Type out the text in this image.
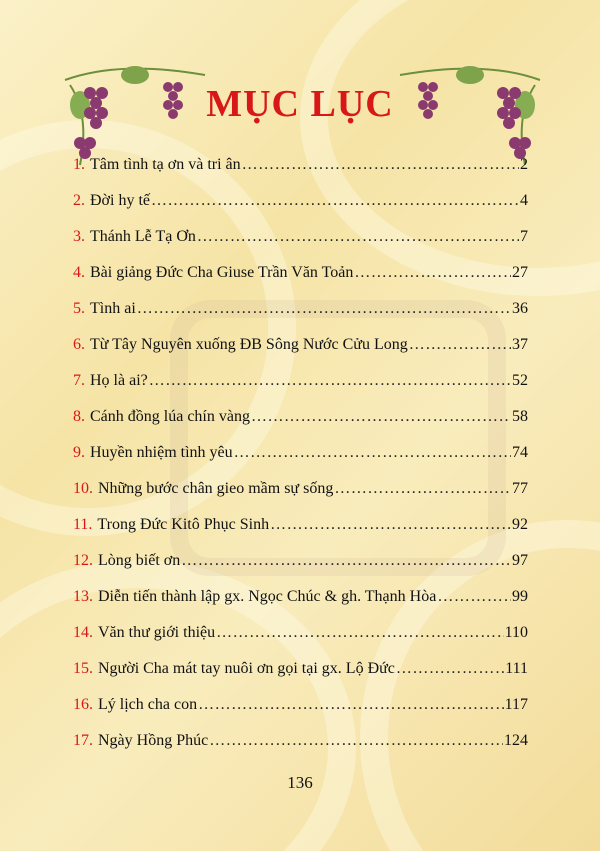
MỤC LỤC
1. Tâm tình tạ ơn và tri ân ……………………………………………………………………………………………………	2
2. Đời hy tế ……………………………………………………………………………………………………	4
3. Thánh Lễ Tạ Ơn ……………………………………………………………………………………………………	7
4. Bài giảng Đức Cha Giuse Trần Văn Toản ……………………………………………………………………………………………………	27
5. Tình ai ……………………………………………………………………………………………………	36
6. Từ Tây Nguyên xuống ĐB Sông Nước Cửu Long ……………………………………………………………………………………………………	37
7. Họ là ai? ……………………………………………………………………………………………………	52
8. Cánh đồng lúa chín vàng ……………………………………………………………………………………………………	58
9. Huyền nhiệm tình yêu ……………………………………………………………………………………………………	74
10. Những bước chân gieo mầm sự sống ……………………………………………………………………………………………………	77
11. Trong Đức Kitô Phục Sinh ……………………………………………………………………………………………………	92
12. Lòng biết ơn ……………………………………………………………………………………………………	97
13. Diễn tiến thành lập gx. Ngọc Chúc & gh. Thạnh Hòa ……………………………………………………………………………………………………	99
14. Văn thư giới thiệu ……………………………………………………………………………………………………	110
15. Người Cha mát tay nuôi ơn gọi tại gx. Lộ Đức ……………………………………………………………………………………………………	111
16. Lý lịch cha con ……………………………………………………………………………………………………	117
17. Ngày Hồng Phúc ……………………………………………………………………………………………………	124
136
